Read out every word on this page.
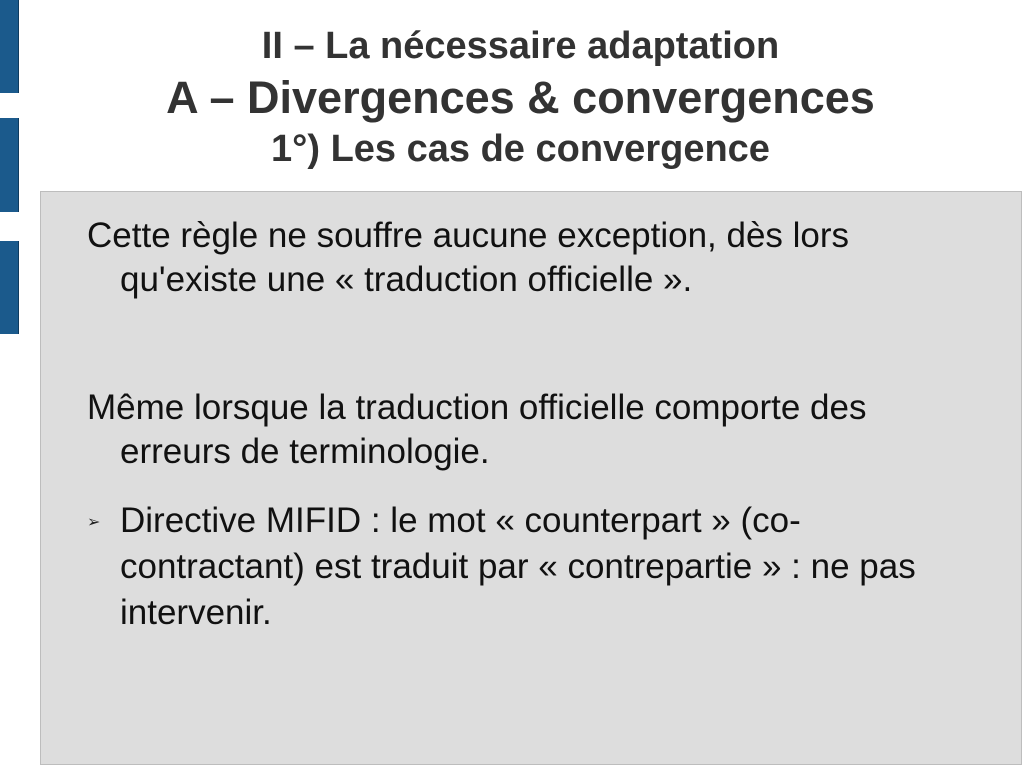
II – La nécessaire adaptation
A – Divergences & convergences
1°) Les cas de convergence
Cette règle ne souffre aucune exception, dès lors qu'existe une « traduction officielle ».
Même lorsque la traduction officielle comporte des erreurs de terminologie.
➢ Directive MIFID : le mot « counterpart » (co-contractant) est traduit par « contrepartie » : ne pas intervenir.
